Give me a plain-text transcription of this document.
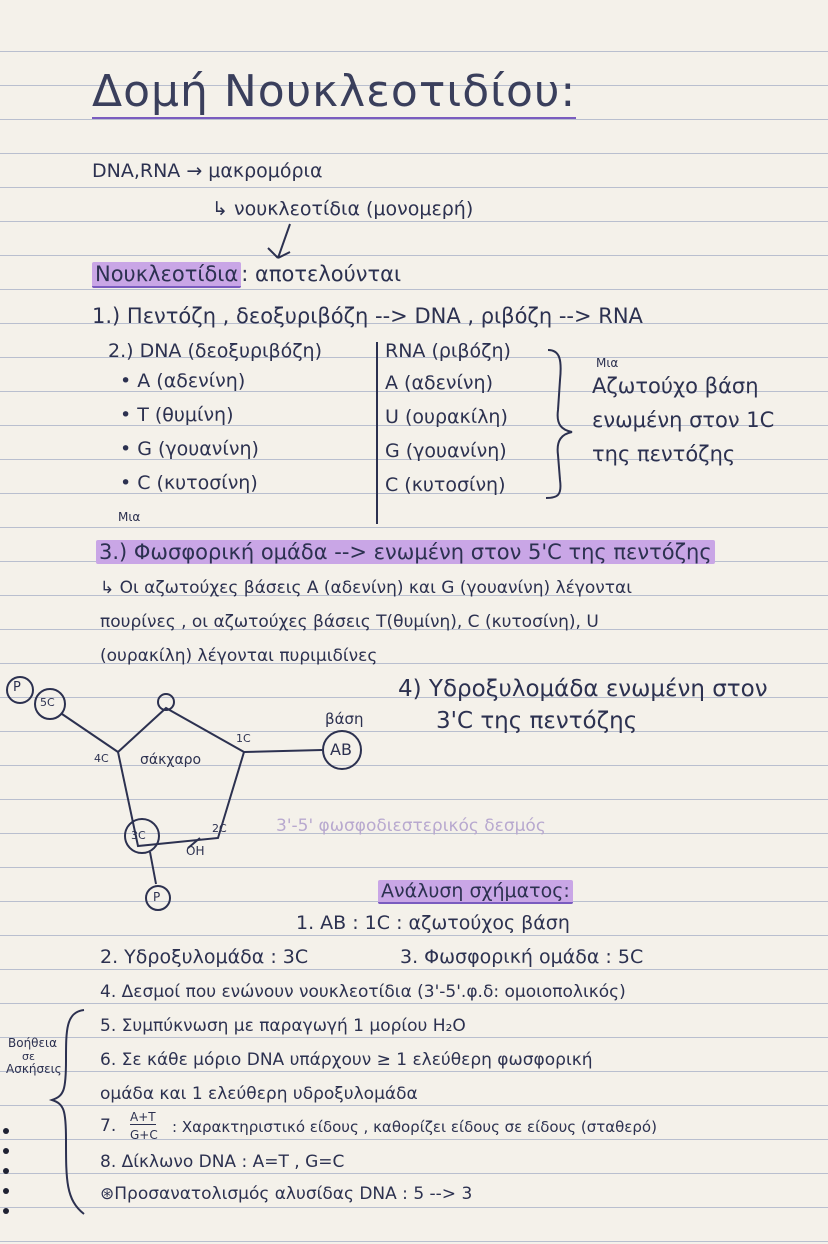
Δομή Νουκλεοτιδίου:
DNA,RNA → μακρομόρια
↳ νουκλεοτίδια (μονομερή)
Νουκλεοτίδια : αποτελούνται
1.) Πεντόζη , δεοξυριβόζη --> DNA , ριβόζη --> RNA
2.) DNA (δεοξυριβόζη)	RNA (ριβόζη)
• A (αδενίνη)
• T (θυμίνη)
• G (γουανίνη)
• C (κυτοσίνη)
A (αδενίνη)
U (ουρακίλη)
G (γουανίνη)
C (κυτοσίνη)
Μια
Αζωτούχο βάση
ενωμένη στον 1C
της πεντόζης
Μια
3.) Φωσφορική ομάδα --> ενωμένη στον 5'C της πεντόζης
↳ Οι αζωτούχες βάσεις A (αδενίνη) και G (γουανίνη) λέγονται
πουρίνες , οι αζωτούχες βάσεις T(θυμίνη), C (κυτοσίνη), U
(ουρακίλη) λέγονται πυριμιδίνες
4) Υδροξυλομάδα ενωμένη στον
3'C της πεντόζης
P
5C
4C
1C
3C
2C
σάκχαρο
βάση
AB
OH
P
3'-5' φωσφοδιεστερικός δεσμός
Ανάλυση σχήματος:
1. AB : 1C : αζωτούχος βάση
2. Υδροξυλομάδα : 3C	3. Φωσφορική ομάδα : 5C
4. Δεσμοί που ενώνουν νουκλεοτίδια (3'-5'.φ.δ: ομοιοπολικός)
5. Συμπύκνωση με παραγωγή 1 μορίου H₂O
6. Σε κάθε μόριο DNA υπάρχουν ≥ 1 ελεύθερη φωσφορική
ομάδα και 1 ελεύθερη υδροξυλομάδα
7. A+T
G+C : Χαρακτηριστικό είδους , καθορίζει είδους σε είδους (σταθερό)
8. Δίκλωνο DNA : A=T , G=C
⊛Προσανατολισμός αλυσίδας DNA : 5 --> 3
Βοήθεια
σε
Ασκήσεις
